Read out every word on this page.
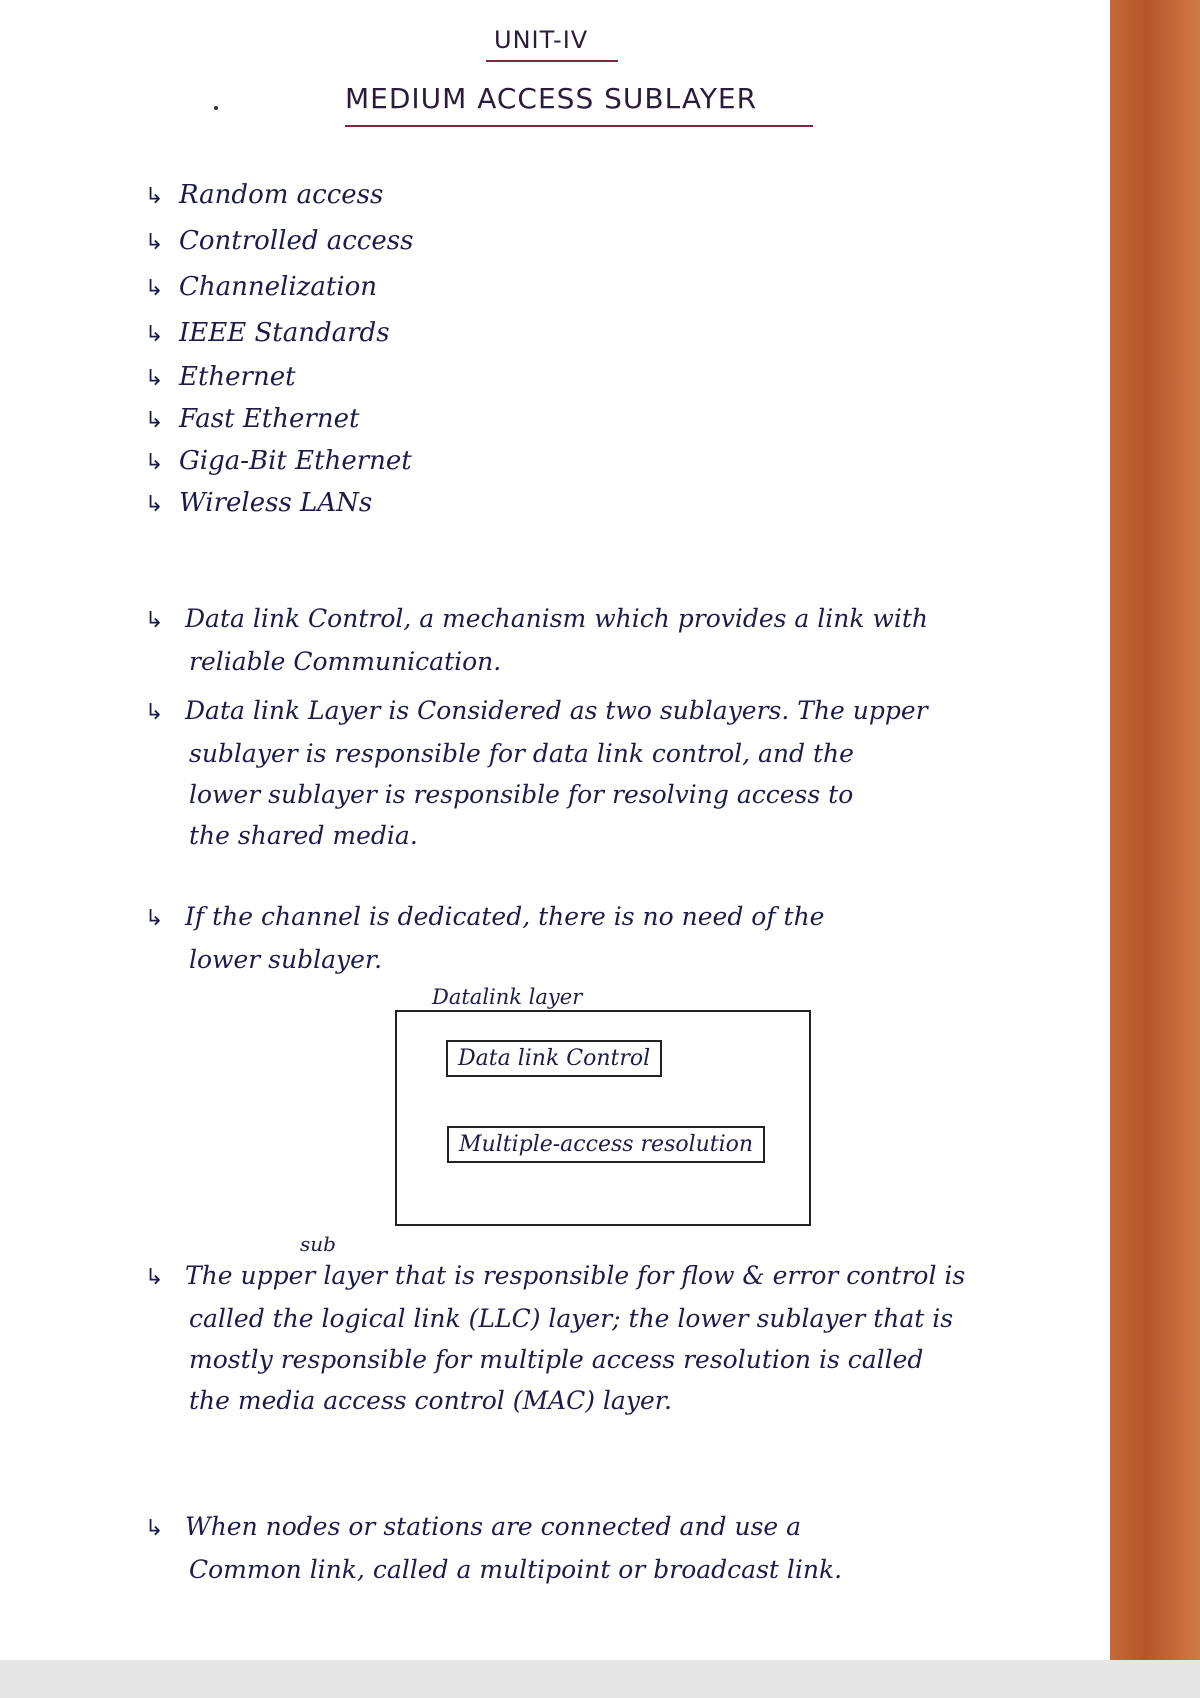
UNIT-IV
MEDIUM ACCESS SUBLAYER
↳ Random access
↳ Controlled access
↳ Channelization
↳ IEEE Standards
↳ Ethernet
↳ Fast Ethernet
↳ Giga-Bit Ethernet
↳ Wireless LANs
↳ Data link Control, a mechanism which provides a link with
reliable Communication.
↳ Data link Layer is Considered as two sublayers. The upper
sublayer is responsible for data link control, and the
lower sublayer is responsible for resolving access to
the shared media.
↳ If the channel is dedicated, there is no need of the
lower sublayer.
Datalink layer
Data link Control
Multiple-access resolution
sub
↳ The upper layer that is responsible for flow & error control is
called the logical link (LLC) layer; the lower sublayer that is
mostly responsible for multiple access resolution is called
the media access control (MAC) layer.
↳ When nodes or stations are connected and use a
Common link, called a multipoint or broadcast link.
